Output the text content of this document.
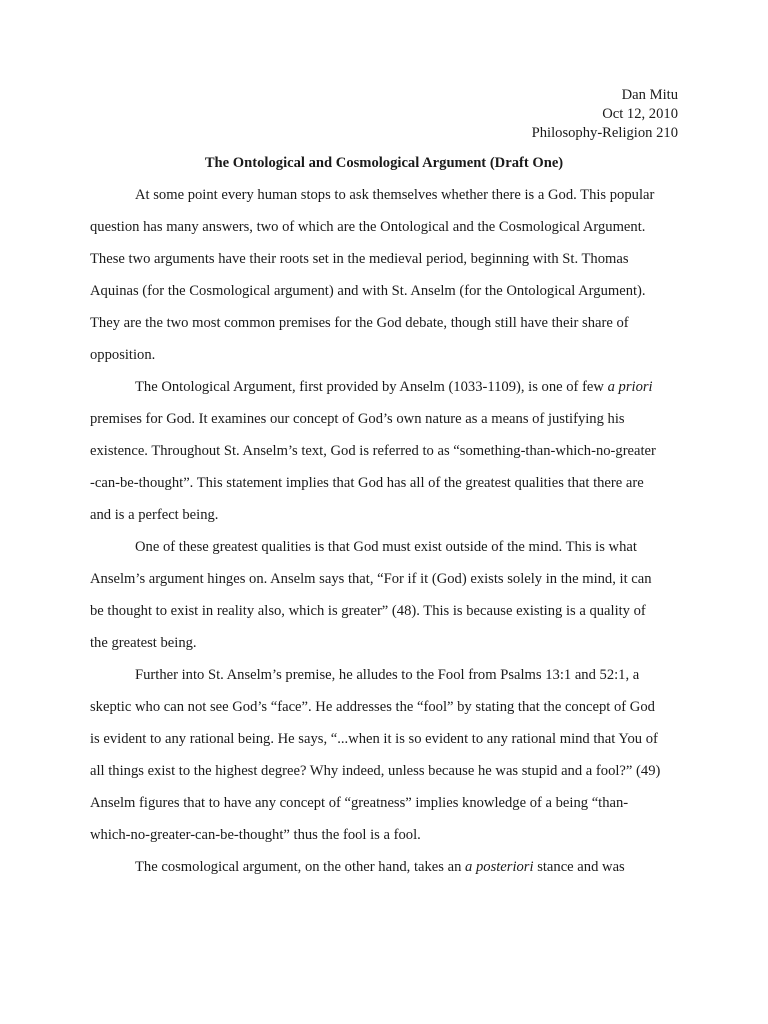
Dan Mitu
Oct 12, 2010
Philosophy-Religion 210
The Ontological and Cosmological Argument (Draft One)
At some point every human stops to ask themselves whether there is a God. This popular
question has many answers, two of which are the Ontological and the Cosmological Argument.
These two arguments have their roots set in the medieval period, beginning with St. Thomas
Aquinas (for the Cosmological argument) and with St. Anselm (for the Ontological Argument).
They are the two most common premises for the God debate, though still have their share of
opposition.
The Ontological Argument, first provided by Anselm (1033-1109), is one of few a priori
premises for God. It examines our concept of God’s own nature as a means of justifying his
existence. Throughout St. Anselm’s text, God is referred to as “something-than-which-no-greater
-can-be-thought”. This statement implies that God has all of the greatest qualities that there are
and is a perfect being.
One of these greatest qualities is that God must exist outside of the mind. This is what
Anselm’s argument hinges on. Anselm says that, “For if it (God) exists solely in the mind, it can
be thought to exist in reality also, which is greater” (48). This is because existing is a quality of
the greatest being.
Further into St. Anselm’s premise, he alludes to the Fool from Psalms 13:1 and 52:1, a
skeptic who can not see God’s “face”. He addresses the “fool” by stating that the concept of God
is evident to any rational being. He says, “...when it is so evident to any rational mind that You of
all things exist to the highest degree? Why indeed, unless because he was stupid and a fool?” (49)
Anselm figures that to have any concept of “greatness” implies knowledge of a being “than-
which-no-greater-can-be-thought” thus the fool is a fool.
The cosmological argument, on the other hand, takes an a posteriori stance and was
